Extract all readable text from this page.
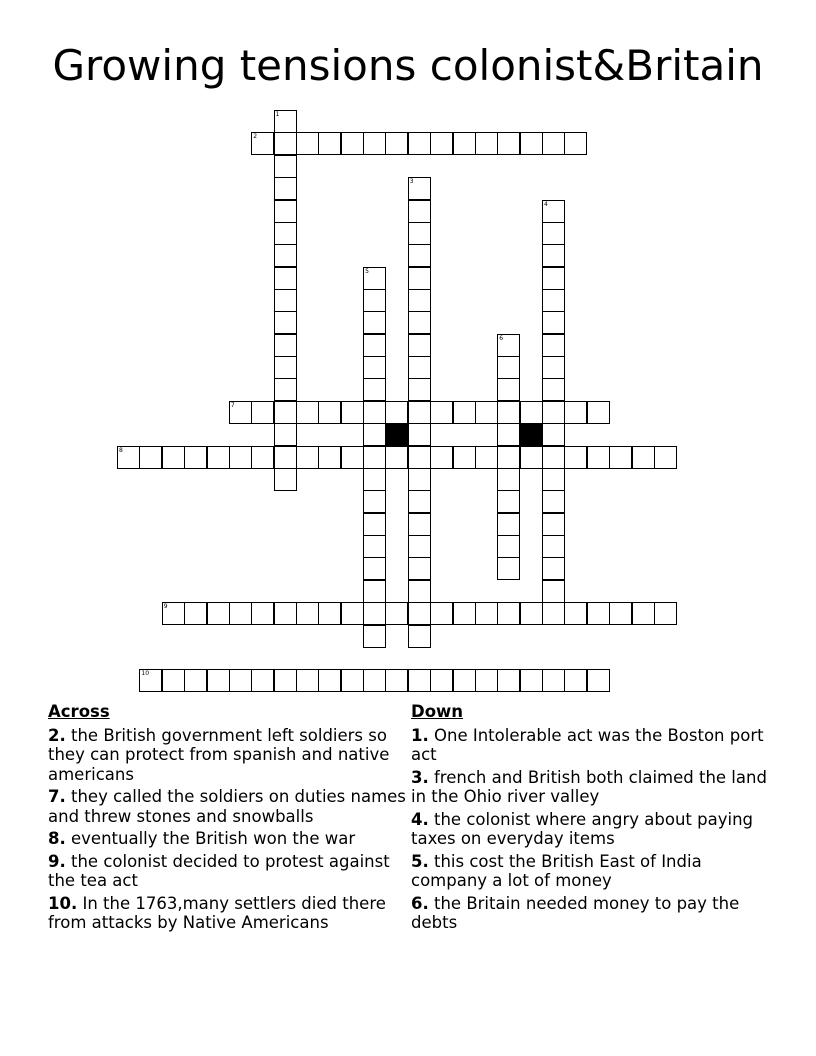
Growing tensions colonist&Britain
1
2
3
4
5
6
7
8
9
10
Across
2. the British government left soldiers so they can protect from spanish and native americans
7. they called the soldiers on duties names and threw stones and snowballs
8. eventually the British won the war
9. the colonist decided to protest against the tea act
10. In the 1763,many settlers died there from attacks by Native Americans
Down
1. One Intolerable act was the Boston port act
3. french and British both claimed the land in the Ohio river valley
4. the colonist where angry about paying taxes on everyday items
5. this cost the British East of India company a lot of money
6. the Britain needed money to pay the debts
